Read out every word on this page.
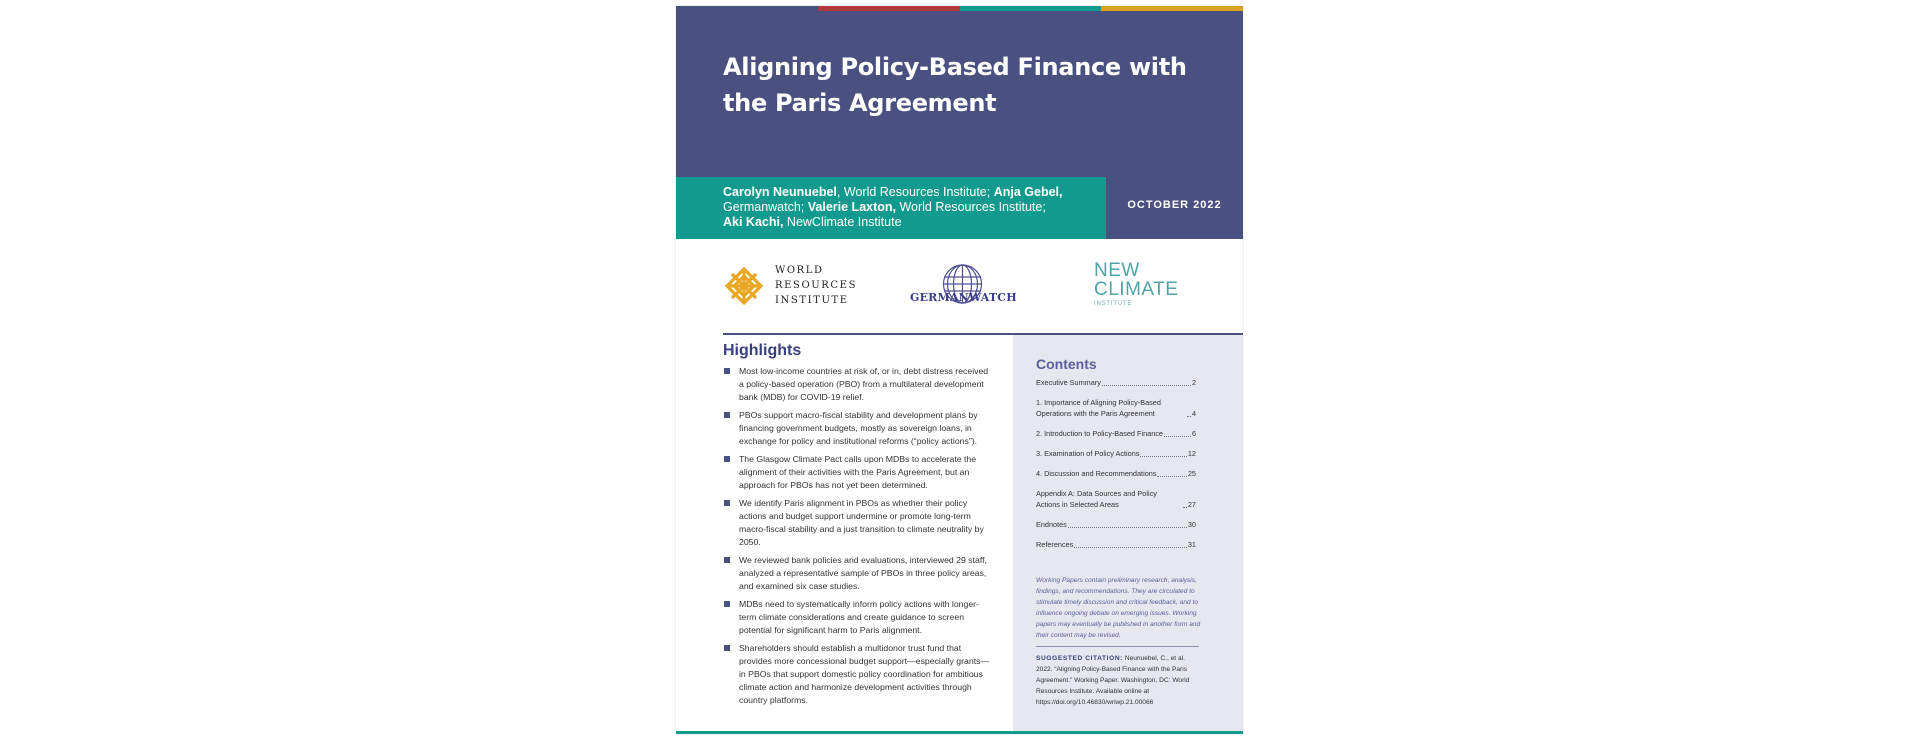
Aligning Policy-Based Finance with the Paris Agreement
Carolyn Neunuebel, World Resources Institute; Anja Gebel,
Germanwatch; Valerie Laxton, World Resources Institute;
Aki Kachi, NewClimate Institute
OCTOBER 2022
WORLD
RESOURCES
INSTITUTE	GERMANWATCH
NEW
CLIMATE
INSTITUTE
Highlights
Most low-income countries at risk of, or in, debt distress received a policy-based operation (PBO) from a multilateral development bank (MDB) for COVID-19 relief.
PBOs support macro-fiscal stability and development plans by financing government budgets, mostly as sovereign loans, in exchange for policy and institutional reforms (“policy actions”).
The Glasgow Climate Pact calls upon MDBs to accelerate the alignment of their activities with the Paris Agreement, but an approach for PBOs has not yet been determined.
We identify Paris alignment in PBOs as whether their policy actions and budget support undermine or promote long-term macro-fiscal stability and a just transition to climate neutrality by 2050.
We reviewed bank policies and evaluations, interviewed 29 staff, analyzed a representative sample of PBOs in three policy areas, and examined six case studies.
MDBs need to systematically inform policy actions with longer-term climate considerations and create guidance to screen potential for significant harm to Paris alignment.
Shareholders should establish a multidonor trust fund that provides more concessional budget support—especially grants—in PBOs that support domestic policy coordination for ambitious climate action and harmonize development activities through country platforms.
Contents
Executive Summary	2
1. Importance of Aligning Policy-Based Operations with the Paris Agreement	4
2. Introduction to Policy-Based Finance	6
3. Examination of Policy Actions	12
4. Discussion and Recommendations	25
Appendix A: Data Sources and Policy Actions in Selected Areas	27
Endnotes	30
References	31
Working Papers contain preliminary research, analysis, findings, and recommendations. They are circulated to stimulate timely discussion and critical feedback, and to influence ongoing debate on emerging issues. Working papers may eventually be published in another form and their content may be revised.
SUGGESTED CITATION: Neunuebel, C., et al. 2022. “Aligning Policy-Based Finance with the Paris Agreement.” Working Paper. Washington, DC: World Resources Institute. Available online at https://doi.org/10.46830/wriwp.21.00066
